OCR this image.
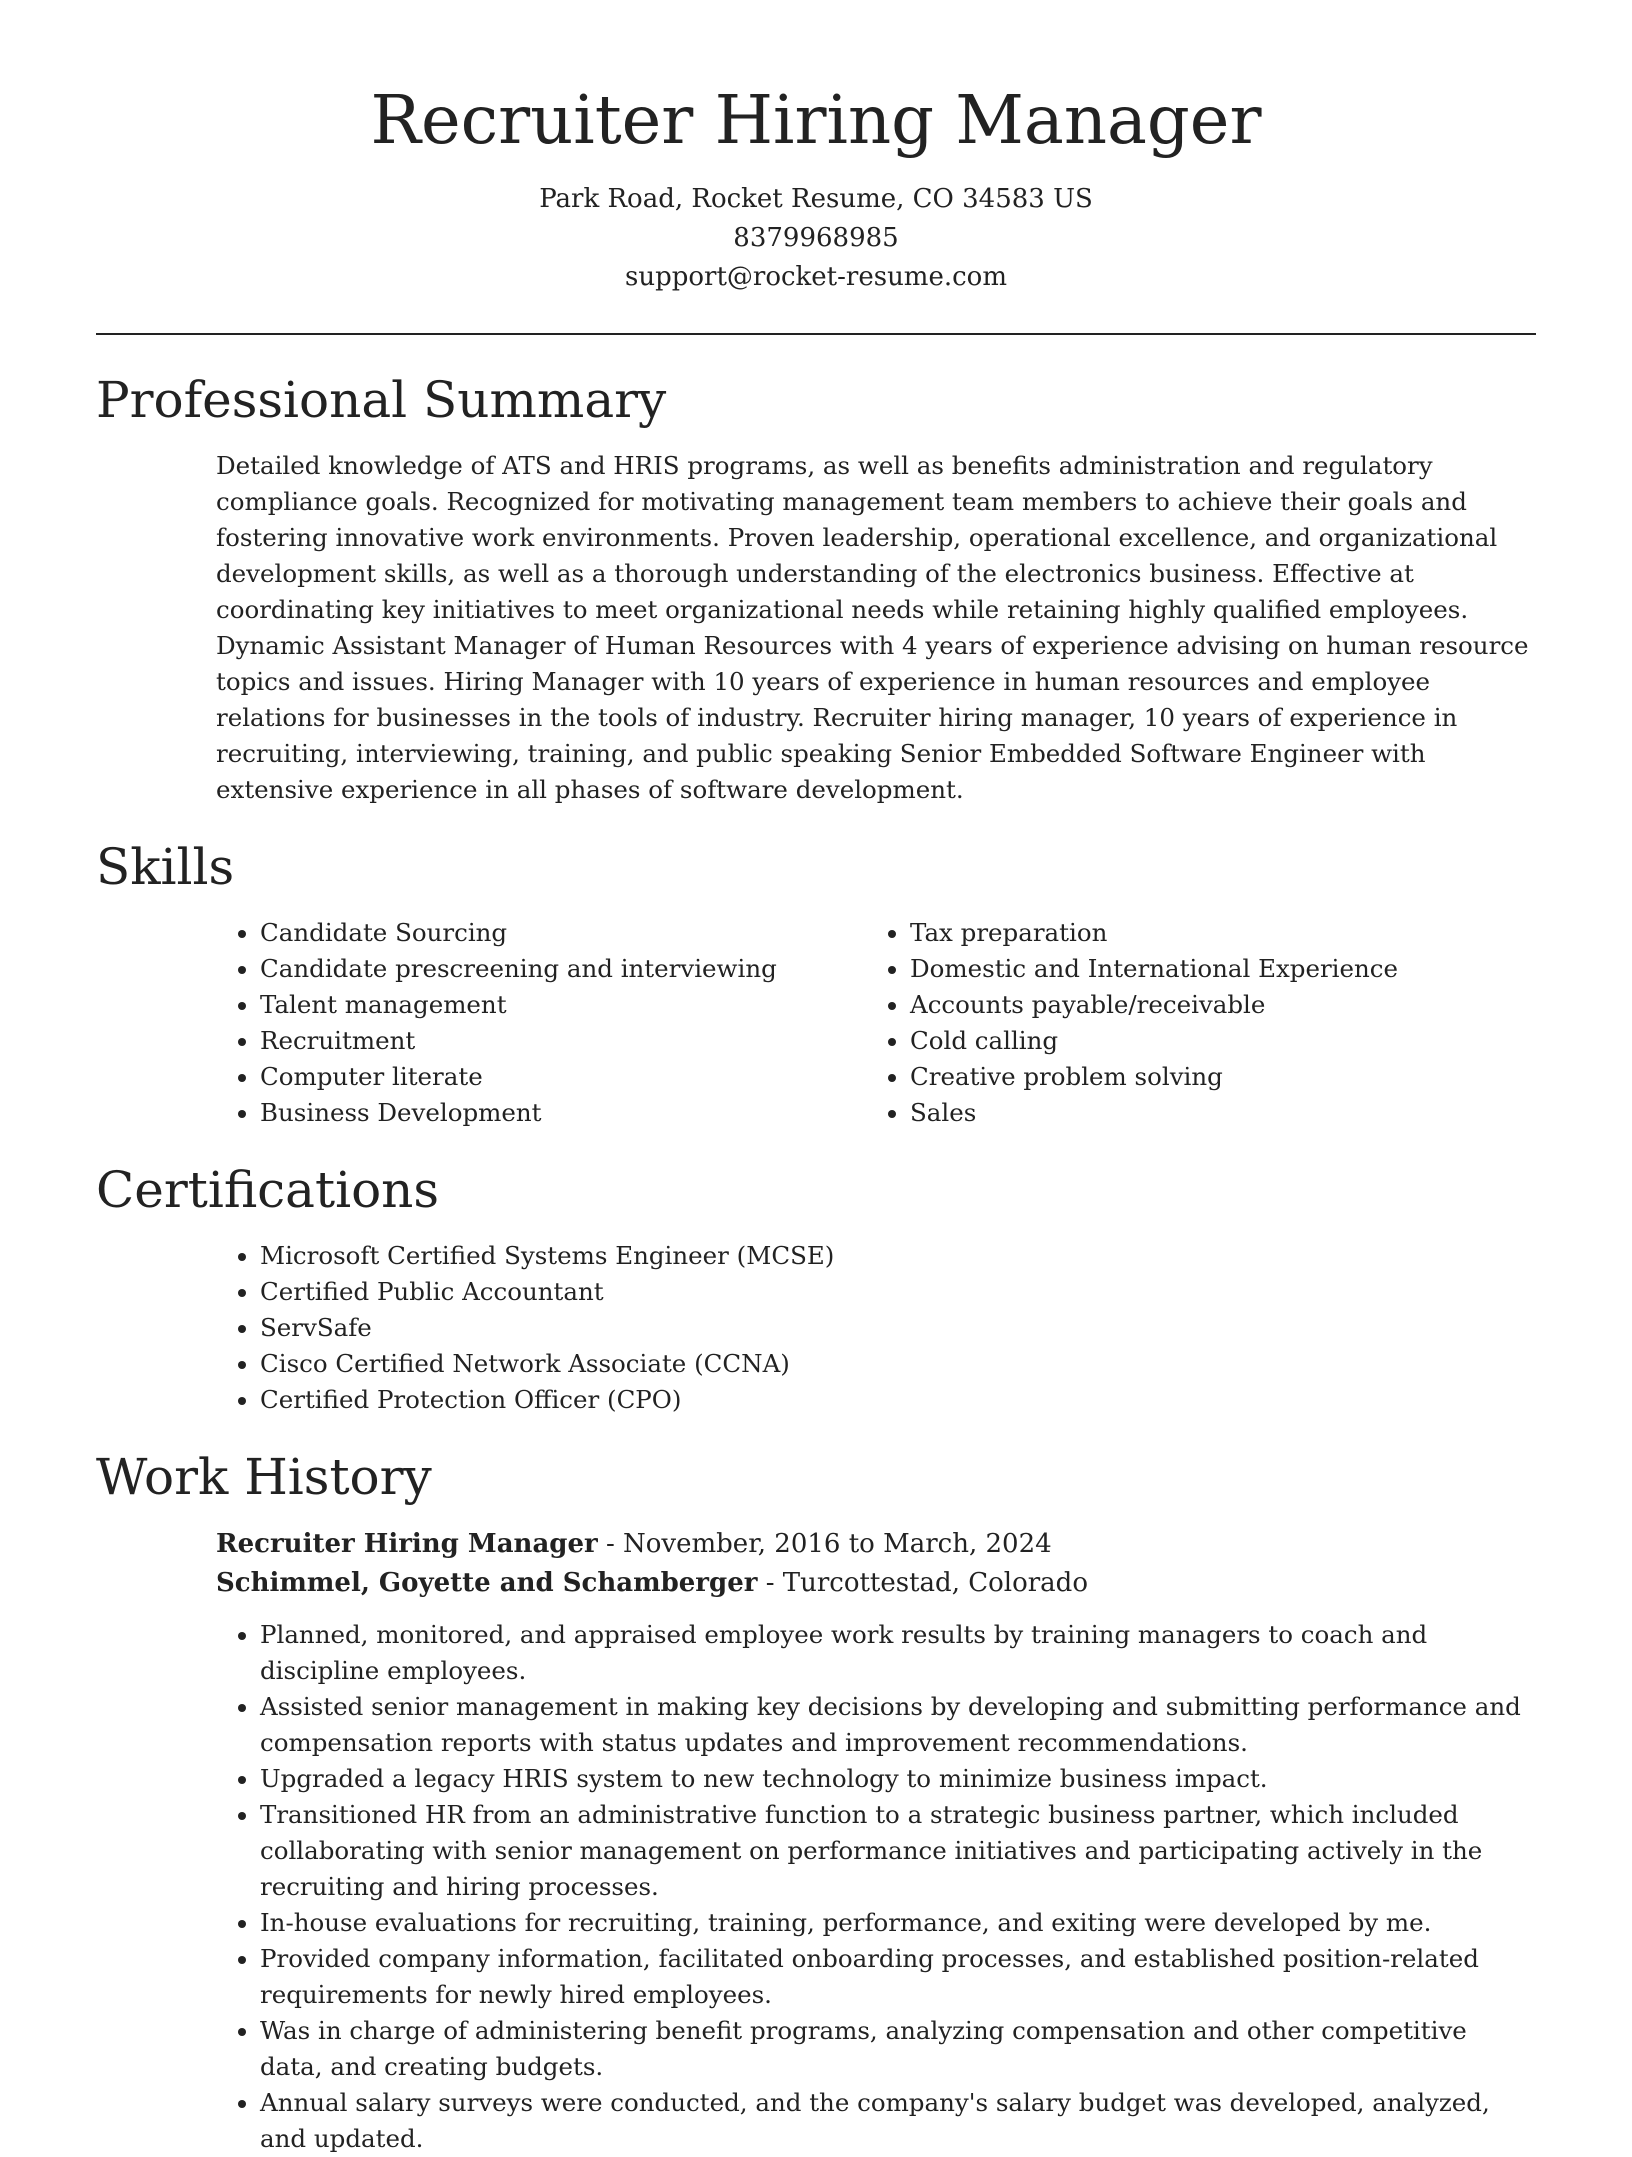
Recruiter Hiring Manager
Park Road, Rocket Resume, CO 34583 US
8379968985
support@rocket-resume.com
Professional Summary
Detailed knowledge of ATS and HRIS programs, as well as benefits administration and regulatory compliance goals. Recognized for motivating management team members to achieve their goals and fostering innovative work environments. Proven leadership, operational excellence, and organizational development skills, as well as a thorough understanding of the electronics business. Effective at coordinating key initiatives to meet organizational needs while retaining highly qualified employees. Dynamic Assistant Manager of Human Resources with 4 years of experience advising on human resource topics and issues. Hiring Manager with 10 years of experience in human resources and employee relations for businesses in the tools of industry. Recruiter hiring manager, 10 years of experience in recruiting, interviewing, training, and public speaking Senior Embedded Software Engineer with extensive experience in all phases of software development.
Skills
• Candidate Sourcing
• Candidate prescreening and interviewing
• Talent management
• Recruitment
• Computer literate
• Business Development
• Tax preparation
• Domestic and International Experience
• Accounts payable/receivable
• Cold calling
• Creative problem solving
• Sales
Certifications
• Microsoft Certified Systems Engineer (MCSE)
• Certified Public Accountant
• ServSafe
• Cisco Certified Network Associate (CCNA)
• Certified Protection Officer (CPO)
Work History
Recruiter Hiring Manager - November, 2016 to March, 2024
Schimmel, Goyette and Schamberger - Turcottestad, Colorado
• Planned, monitored, and appraised employee work results by training managers to coach and discipline employees.
• Assisted senior management in making key decisions by developing and submitting performance and compensation reports with status updates and improvement recommendations.
• Upgraded a legacy HRIS system to new technology to minimize business impact.
• Transitioned HR from an administrative function to a strategic business partner, which included collaborating with senior management on performance initiatives and participating actively in the recruiting and hiring processes.
• In-house evaluations for recruiting, training, performance, and exiting were developed by me.
• Provided company information, facilitated onboarding processes, and established position-related requirements for newly hired employees.
• Was in charge of administering benefit programs, analyzing compensation and other competitive data, and creating budgets.
• Annual salary surveys were conducted, and the company's salary budget was developed, analyzed, and updated.
